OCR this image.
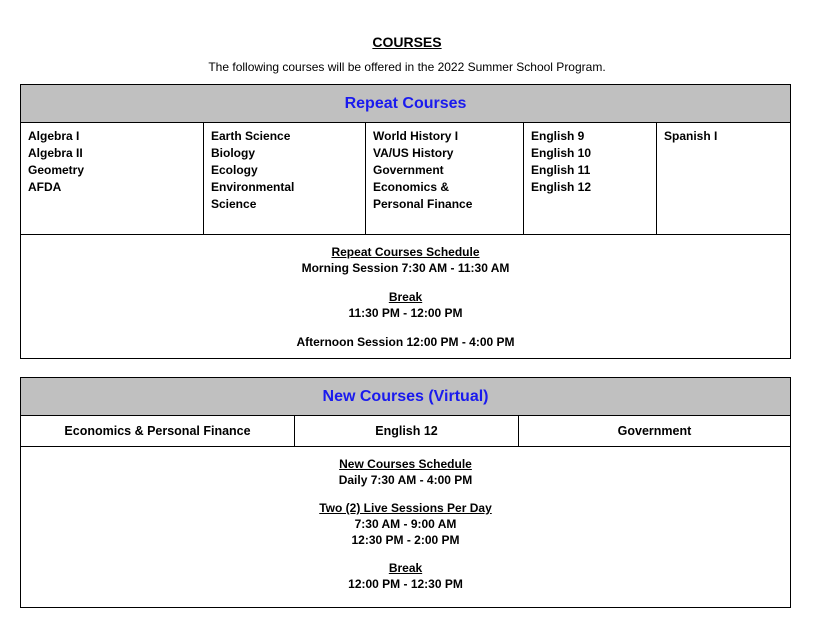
COURSES
The following courses will be offered in the 2022 Summer School Program.
Repeat Courses

Algebra I
Algebra II
Geometry
AFDA

Earth Science
Biology
Ecology
Environmental
Science

World History I
VA/US History
Government
Economics &
Personal Finance

English 9
English 10
English 11
English 12

Spanish I

Repeat Courses Schedule
Morning Session 7:30 AM - 11:30 AM
Break
11:30 PM - 12:00 PM
Afternoon Session 12:00 PM - 4:00 PM
New Courses (Virtual)
Economics & Personal Finance	English 12	Government

New Courses Schedule
Daily 7:30 AM - 4:00 PM
Two (2) Live Sessions Per Day
7:30 AM - 9:00 AM
12:30 PM - 2:00 PM
Break
12:00 PM - 12:30 PM
